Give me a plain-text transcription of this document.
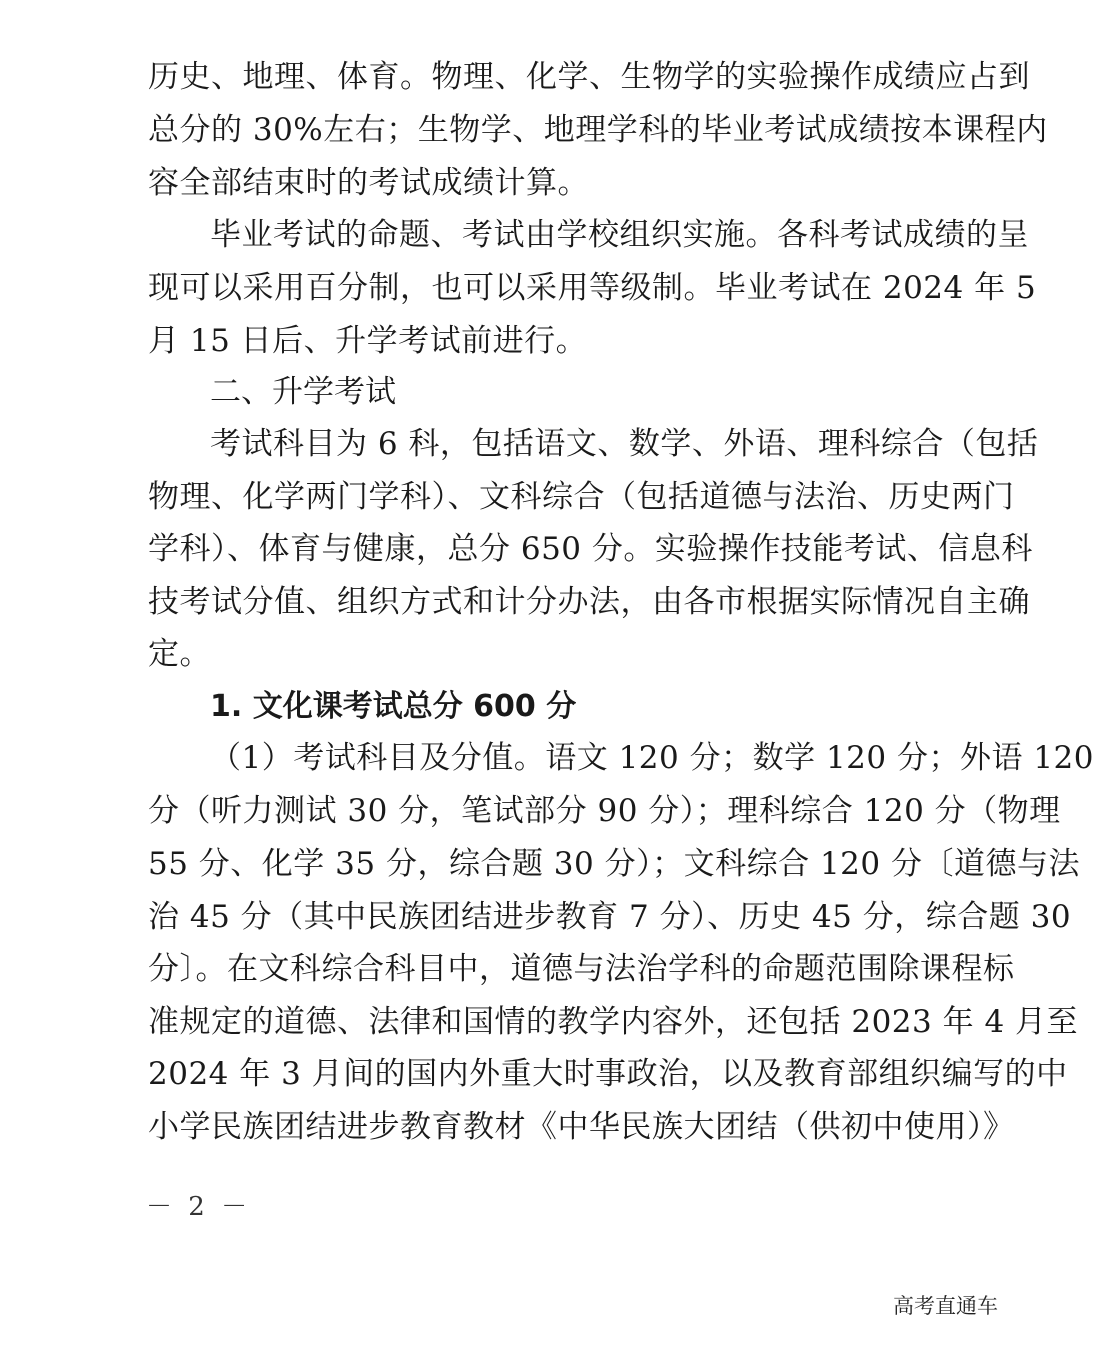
历史、地理、体育。物理、化学、生物学的实验操作成绩应占到
总分的 30%左右；生物学、地理学科的毕业考试成绩按本课程内
容全部结束时的考试成绩计算。
毕业考试的命题、考试由学校组织实施。各科考试成绩的呈
现可以采用百分制，也可以采用等级制。毕业考试在 2024 年 5
月 15 日后、升学考试前进行。
二、升学考试
考试科目为 6 科，包括语文、数学、外语、理科综合（包括
物理、化学两门学科）、文科综合（包括道德与法治、历史两门
学科）、体育与健康，总分 650 分。实验操作技能考试、信息科
技考试分值、组织方式和计分办法，由各市根据实际情况自主确
定。
1. 文化课考试总分 600 分
（1）考试科目及分值。语文 120 分；数学 120 分；外语 120
分（听力测试 30 分，笔试部分 90 分）；理科综合 120 分（物理
55 分、化学 35 分，综合题 30 分）；文科综合 120 分〔道德与法
治 45 分（其中民族团结进步教育 7 分）、历史 45 分，综合题 30
分〕。在文科综合科目中，道德与法治学科的命题范围除课程标
准规定的道德、法律和国情的教学内容外，还包括 2023 年 4 月至
2024 年 3 月间的国内外重大时事政治，以及教育部组织编写的中
小学民族团结进步教育教材《中华民族大团结（供初中使用）》
－ 2 －
高考直通车
